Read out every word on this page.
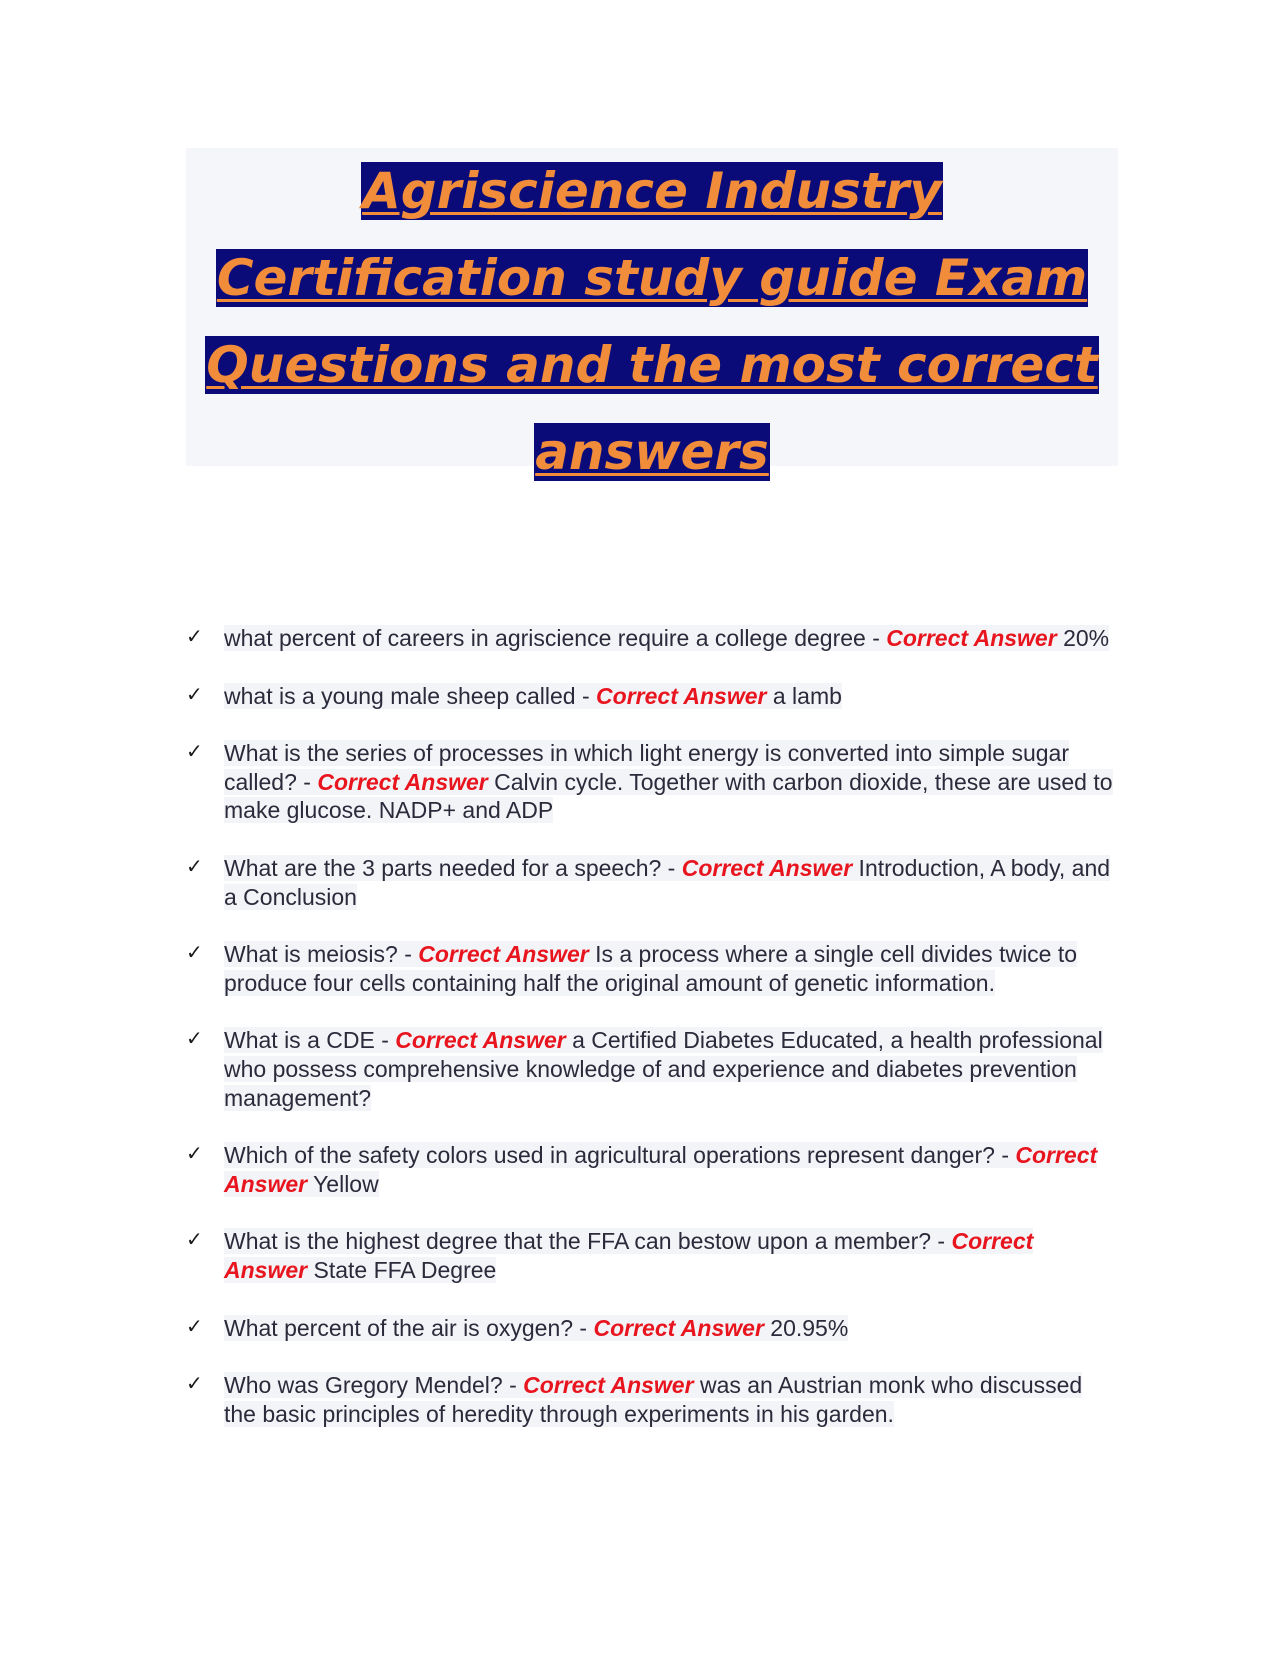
Agriscience Industry
Certification study guide Exam
Questions and the most correct
answers
✓ what percent of careers in agriscience require a college degree - Correct Answer 20%
✓ what is a young male sheep called - Correct Answer a lamb
✓ What is the series of processes in which light energy is converted into simple sugar called? - Correct Answer Calvin cycle. Together with carbon dioxide, these are used to make glucose. NADP+ and ADP
✓ What are the 3 parts needed for a speech? - Correct Answer Introduction, A body, and a Conclusion
✓ What is meiosis? - Correct Answer Is a process where a single cell divides twice to produce four cells containing half the original amount of genetic information.
✓ What is a CDE - Correct Answer a Certified Diabetes Educated, a health professional who possess comprehensive knowledge of and experience and diabetes prevention management?
✓ Which of the safety colors used in agricultural operations represent danger? - Correct Answer Yellow
✓ What is the highest degree that the FFA can bestow upon a member? - Correct Answer State FFA Degree
✓ What percent of the air is oxygen? - Correct Answer 20.95%
✓ Who was Gregory Mendel? - Correct Answer was an Austrian monk who discussed the basic principles of heredity through experiments in his garden.
